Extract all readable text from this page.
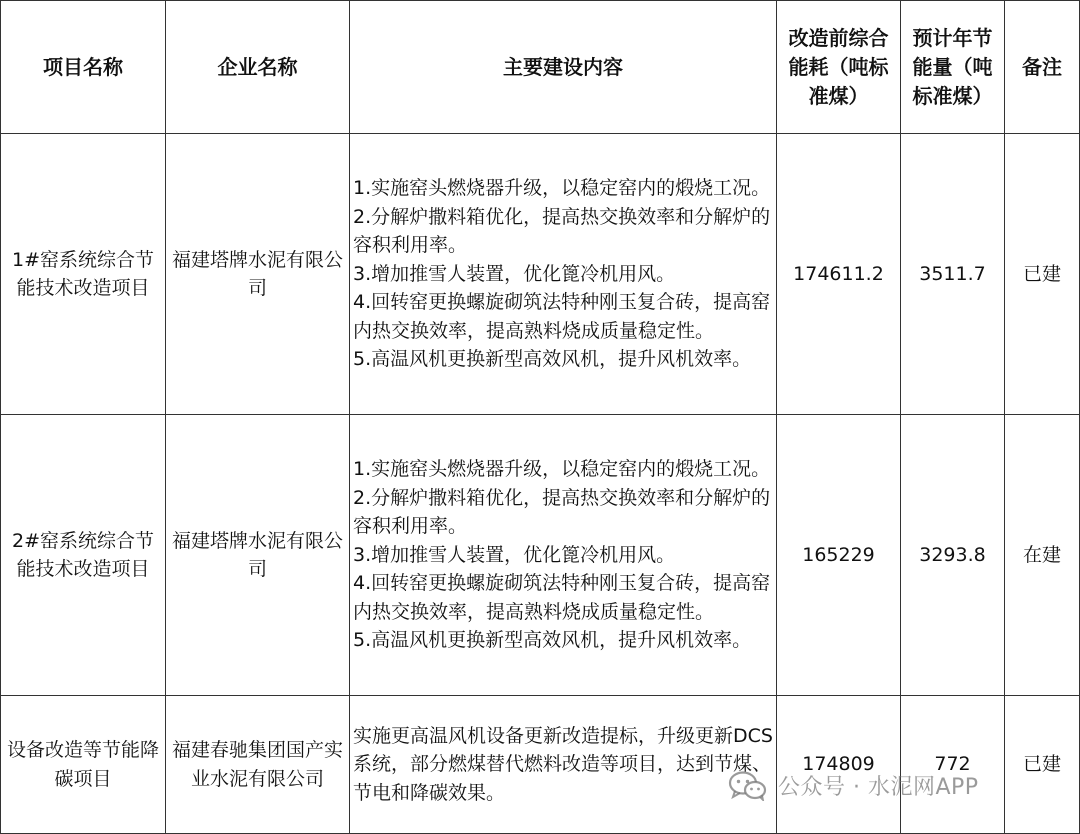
项目名称	企业名称	主要建设内容	改造前综合能耗（吨标准煤）	预计年节能量（吨标准煤）	备注
1#窑系统综合节能技术改造项目	福建塔牌水泥有限公司	1.实施窑头燃烧器升级，以稳定窑内的煅烧工况。2.分解炉撒料箱优化，提高热交换效率和分解炉的容积利用率。
3.增加推雪人装置，优化篦冷机用风。
4.回转窑更换螺旋砌筑法特种刚玉复合砖，提高窑内热交换效率，提高熟料烧成质量稳定性。
5.高温风机更换新型高效风机，提升风机效率。	174611.2	3511.7	已建
2#窑系统综合节能技术改造项目	福建塔牌水泥有限公司	1.实施窑头燃烧器升级，以稳定窑内的煅烧工况。2.分解炉撒料箱优化，提高热交换效率和分解炉的容积利用率。
3.增加推雪人装置，优化篦冷机用风。
4.回转窑更换螺旋砌筑法特种刚玉复合砖，提高窑内热交换效率，提高熟料烧成质量稳定性。
5.高温风机更换新型高效风机，提升风机效率。	165229	3293.8	在建
设备改造等节能降碳项目	福建春驰集团国产实业水泥有限公司	实施更高温风机设备更新改造提标，升级更新DCS系统，部分燃煤替代燃料改造等项目，达到节煤、节电和降碳效果。	174809	772	已建
公众号 · 水泥网APP
